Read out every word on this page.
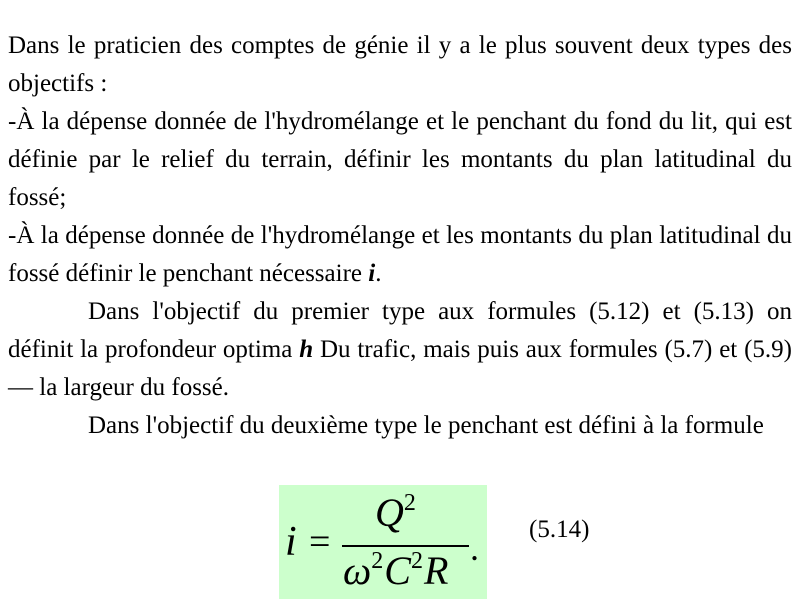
Dans le praticien des comptes de génie il y a le plus souvent deux types des objectifs :

-À la dépense donnée de l'hydromélange et le penchant du fond du lit, qui est définie par le relief du terrain, définir les montants du plan latitudinal du fossé;

-À la dépense donnée de l'hydromélange et les montants du plan latitudinal du fossé définir le penchant nécessaire i.

Dans l'objectif du premier type aux formules (5.12) et (5.13) on définit la profondeur optima h Du trafic, mais puis aux formules (5.7) et (5.9) — la largeur du fossé.

Dans l'objectif du deuxième type le penchant est défini à la formule

i =
$Q^2$
$\omega^2C^2R$ . (5.14)
